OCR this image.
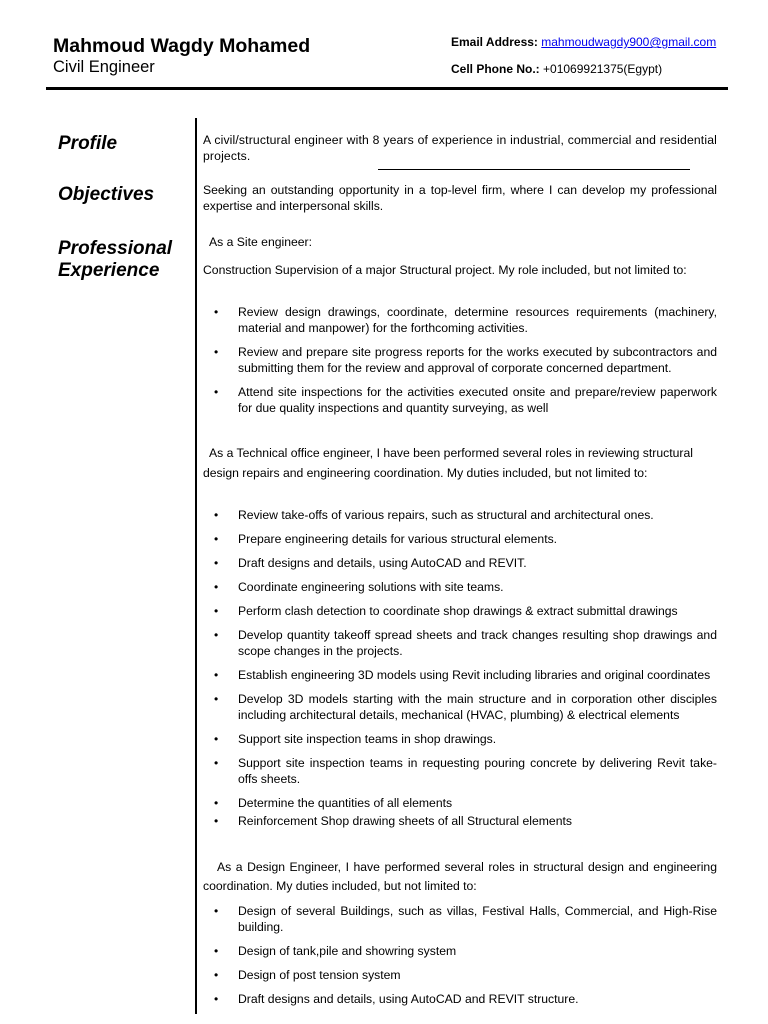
Mahmoud Wagdy Mohamed
Civil Engineer
Email Address: mahmoudwagdy900@gmail.com
Cell Phone No.: +01069921375(Egypt)
Profile
Objectives
Professional
Experience
A civil/structural engineer with 8 years of experience in industrial, commercial and residential projects.
Seeking an outstanding opportunity in a top-level firm, where I can develop my professional expertise and interpersonal skills.
As a Site engineer:
Construction Supervision of a major Structural project. My role included, but not limited to:
• Review design drawings, coordinate, determine resources requirements (machinery, material and manpower) for the forthcoming activities.
• Review and prepare site progress reports for the works executed by subcontractors and submitting them for the review and approval of corporate concerned department.
• Attend site inspections for the activities executed onsite and prepare/review paperwork for due quality inspections and quantity surveying, as well
As a Technical office engineer, I have been performed several roles in reviewing structural design repairs and engineering coordination. My duties included, but not limited to:
• Review take-offs of various repairs, such as structural and architectural ones.
• Prepare engineering details for various structural elements.
• Draft designs and details, using AutoCAD and REVIT.
• Coordinate engineering solutions with site teams.
• Perform clash detection to coordinate shop drawings & extract submittal drawings
• Develop quantity takeoff spread sheets and track changes resulting shop drawings and scope changes in the projects.
• Establish engineering 3D models using Revit including libraries and original coordinates
• Develop 3D models starting with the main structure and in corporation other disciples including architectural details, mechanical (HVAC, plumbing) & electrical elements
• Support site inspection teams in shop drawings.
• Support site inspection teams in requesting pouring concrete by delivering Revit take-offs sheets.
• Determine the quantities of all elements
• Reinforcement Shop drawing sheets of all Structural elements
As a Design Engineer, I have performed several roles in structural design and engineering coordination. My duties included, but not limited to:
• Design of several Buildings, such as villas, Festival Halls, Commercial, and High-Rise building.
• Design of tank,pile and showring system
• Design of post tension system
• Draft designs and details, using AutoCAD and REVIT structure.
